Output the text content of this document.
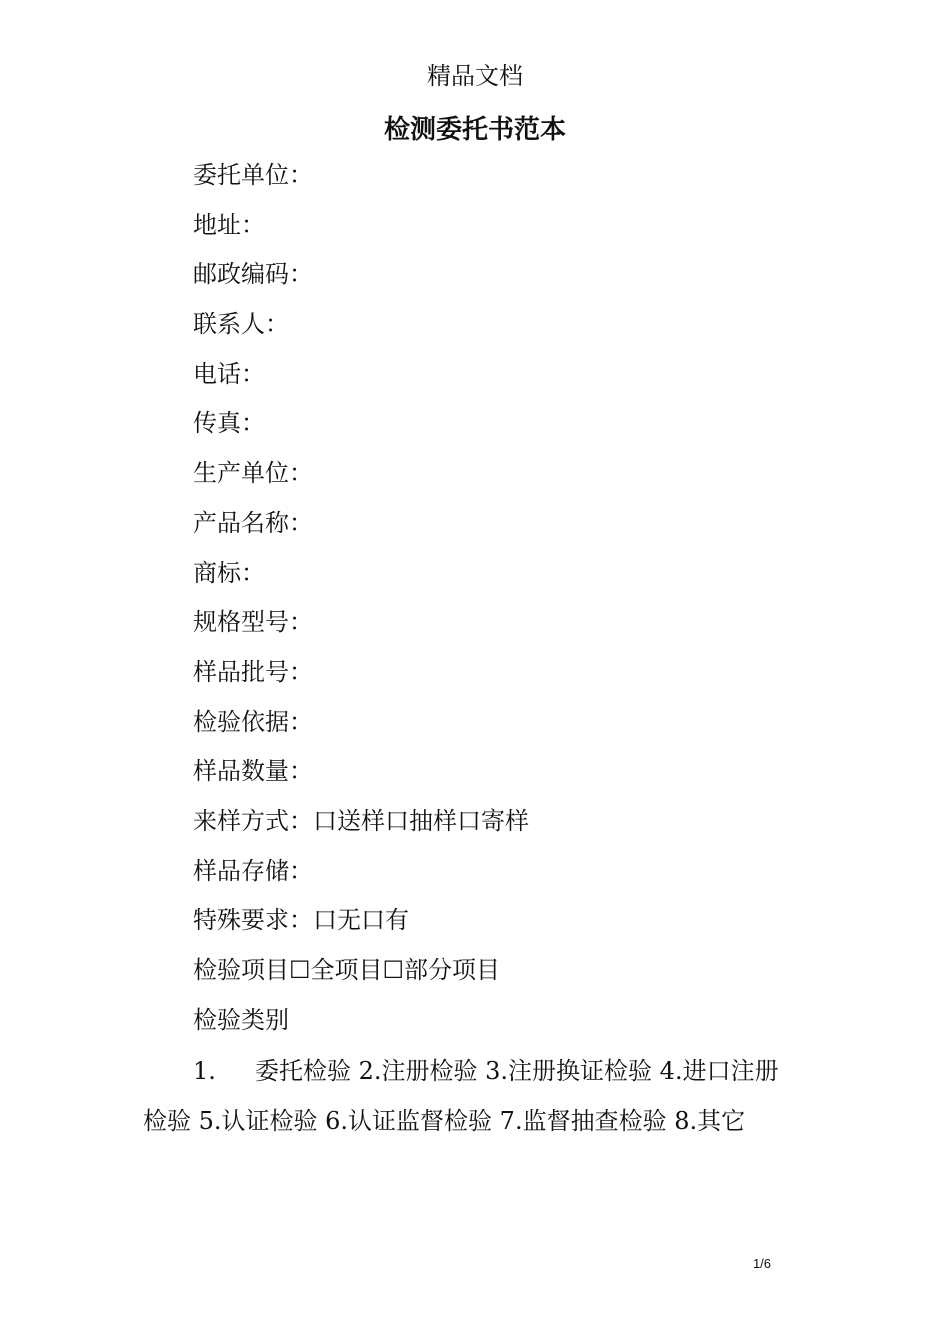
精品文档
检测委托书范本
委托单位：
地址：
邮政编码：
联系人：
电话：
传真：
生产单位：
产品名称：
商标：
规格型号：
样品批号：
检验依据：
样品数量：
来样方式：口送样口抽样口寄样
样品存储：
特殊要求：口无口有
检验项目☐全项目☐部分项目
检验类别
1. 委托检验 2.注册检验 3.注册换证检验 4.进口注册
检验 5.认证检验 6.认证监督检验 7.监督抽查检验 8.其它
1/6
